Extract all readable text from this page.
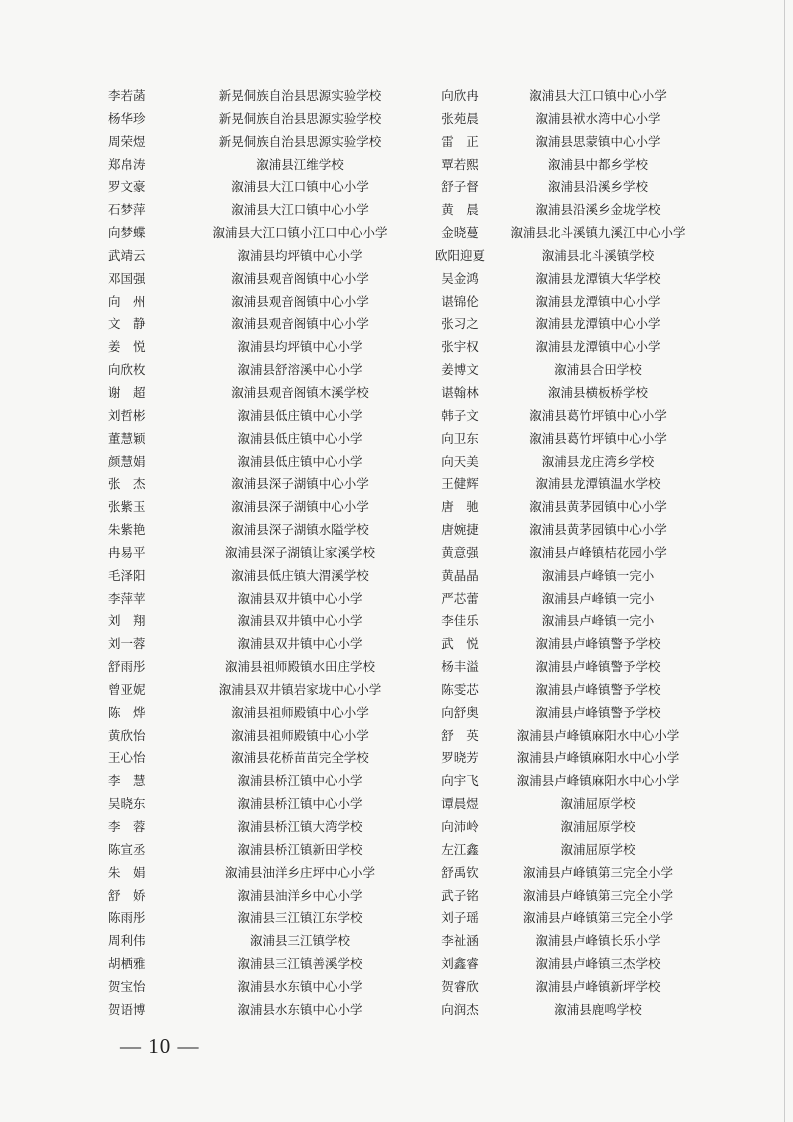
李若菡	新晃侗族自治县思源实验学校	向欣冉	溆浦县大江口镇中心小学
杨华珍	新晃侗族自治县思源实验学校	张苑晨	溆浦县袱水湾中心小学
周荣煜	新晃侗族自治县思源实验学校	雷　正	溆浦县思蒙镇中心小学
郑帛涛	溆浦县江维学校	覃若熙	溆浦县中都乡学校
罗文豪	溆浦县大江口镇中心小学	舒子督	溆浦县沿溪乡学校
石梦萍	溆浦县大江口镇中心小学	黄　晨	溆浦县沿溪乡金垅学校
向梦蝶	溆浦县大江口镇小江口中心小学	金晓蔓	溆浦县北斗溪镇九溪江中心小学
武靖云	溆浦县均坪镇中心小学	欧阳迎夏	溆浦县北斗溪镇学校
邓国强	溆浦县观音阁镇中心小学	吴金鸿	溆浦县龙潭镇大华学校
向　州	溆浦县观音阁镇中心小学	谌锦伦	溆浦县龙潭镇中心小学
文　静	溆浦县观音阁镇中心小学	张习之	溆浦县龙潭镇中心小学
姜　悦	溆浦县均坪镇中心小学	张宇权	溆浦县龙潭镇中心小学
向欣枚	溆浦县舒溶溪中心小学	姜博文	溆浦县合田学校
谢　超	溆浦县观音阁镇木溪学校	谌翰林	溆浦县横板桥学校
刘哲彬	溆浦县低庄镇中心小学	韩子文	溆浦县葛竹坪镇中心小学
董慧颖	溆浦县低庄镇中心小学	向卫东	溆浦县葛竹坪镇中心小学
颜慧娟	溆浦县低庄镇中心小学	向天美	溆浦县龙庄湾乡学校
张　杰	溆浦县深子湖镇中心小学	王健辉	溆浦县龙潭镇温水学校
张紫玉	溆浦县深子湖镇中心小学	唐　驰	溆浦县黄茅园镇中心小学
朱紫艳	溆浦县深子湖镇水隘学校	唐婉捷	溆浦县黄茅园镇中心小学
冉易平	溆浦县深子湖镇让家溪学校	黄意强	溆浦县卢峰镇桔花园小学
毛泽阳	溆浦县低庄镇大渭溪学校	黄晶晶	溆浦县卢峰镇一完小
李萍苹	溆浦县双井镇中心小学	严芯蕾	溆浦县卢峰镇一完小
刘　翔	溆浦县双井镇中心小学	李佳乐	溆浦县卢峰镇一完小
刘一蓉	溆浦县双井镇中心小学	武　悦	溆浦县卢峰镇警予学校
舒雨彤	溆浦县祖师殿镇水田庄学校	杨丰溢	溆浦县卢峰镇警予学校
曾亚妮	溆浦县双井镇岩家垅中心小学	陈雯芯	溆浦县卢峰镇警予学校
陈　烨	溆浦县祖师殿镇中心小学	向舒奥	溆浦县卢峰镇警予学校
黄欣怡	溆浦县祖师殿镇中心小学	舒　英	溆浦县卢峰镇麻阳水中心小学
王心怡	溆浦县花桥苗苗完全学校	罗晓芳	溆浦县卢峰镇麻阳水中心小学
李　慧	溆浦县桥江镇中心小学	向宇飞	溆浦县卢峰镇麻阳水中心小学
吴晓东	溆浦县桥江镇中心小学	谭晨煜	溆浦屈原学校
李　蓉	溆浦县桥江镇大湾学校	向沛岭	溆浦屈原学校
陈宣丞	溆浦县桥江镇新田学校	左江鑫	溆浦屈原学校
朱　娟	溆浦县油洋乡庄坪中心小学	舒禹钦	溆浦县卢峰镇第三完全小学
舒　娇	溆浦县油洋乡中心小学	武子铭	溆浦县卢峰镇第三完全小学
陈雨彤	溆浦县三江镇江东学校	刘子瑶	溆浦县卢峰镇第三完全小学
周利伟	溆浦县三江镇学校	李祉涵	溆浦县卢峰镇长乐小学
胡栖雅	溆浦县三江镇善溪学校	刘鑫睿	溆浦县卢峰镇三杰学校
贺宝怡	溆浦县水东镇中心小学	贺睿欣	溆浦县卢峰镇新坪学校
贺语博	溆浦县水东镇中心小学	向润杰	溆浦县鹿鸣学校
— 10 —
